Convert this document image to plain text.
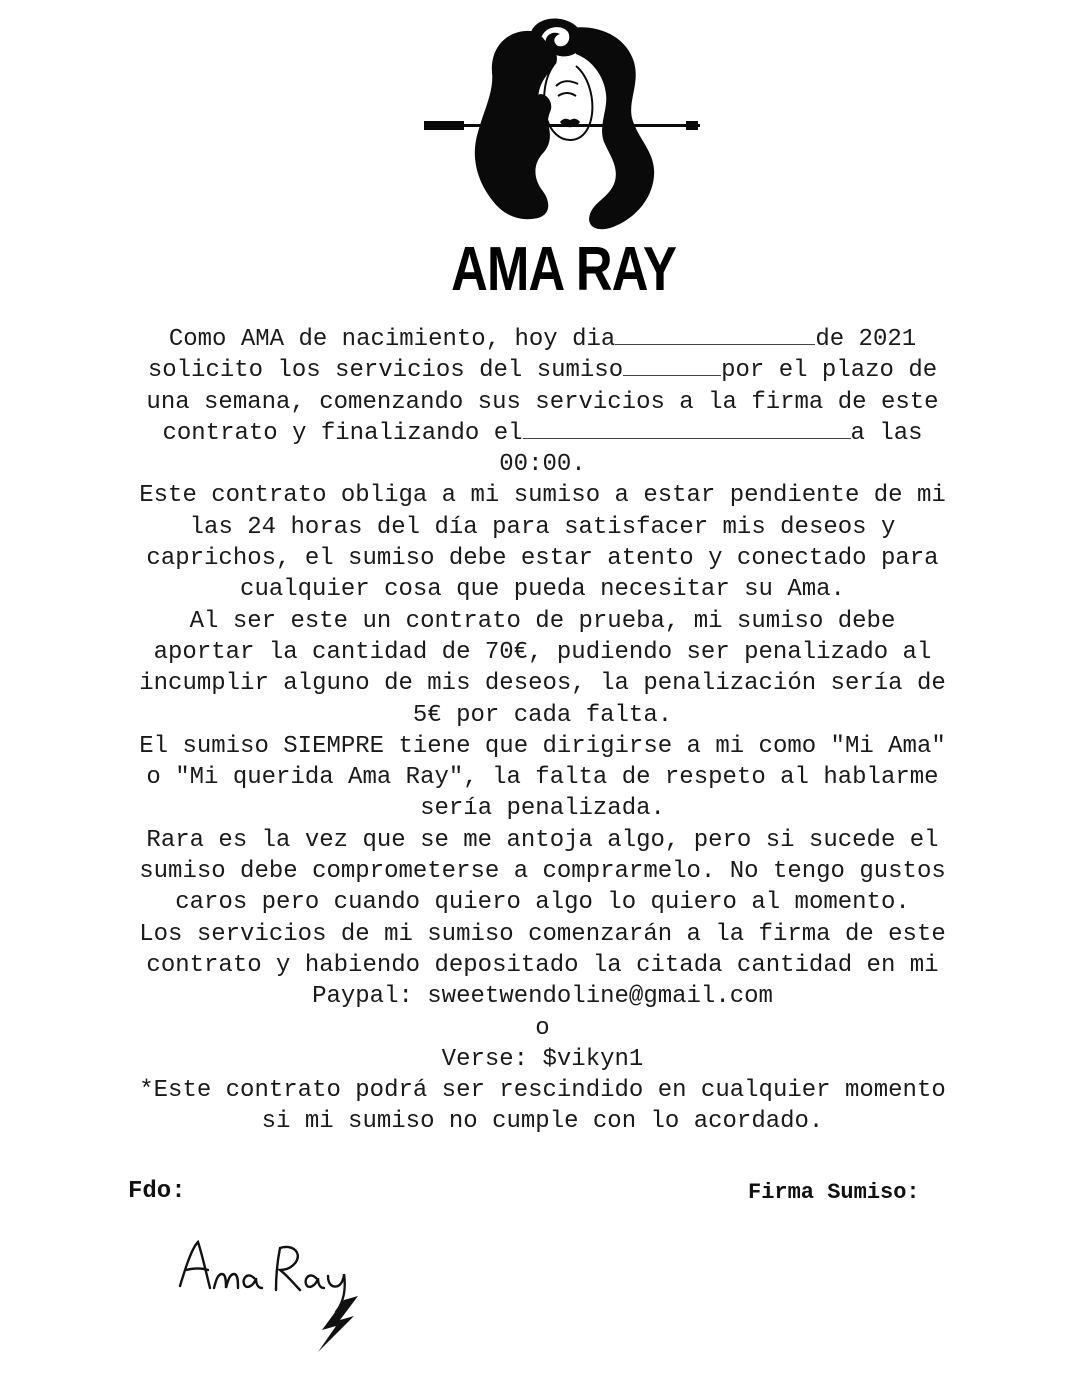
AMA RAY
Como AMA de nacimiento, hoy dia	de 2021
solicito los servicios del sumiso	por el plazo de
una semana, comenzando sus servicios a la firma de este
contrato y finalizando el	a las
00:00.
Este contrato obliga a mi sumiso a estar pendiente de mi
las 24 horas del día para satisfacer mis deseos y
caprichos, el sumiso debe estar atento y conectado para
cualquier cosa que pueda necesitar su Ama.
Al ser este un contrato de prueba, mi sumiso debe
aportar la cantidad de 70€, pudiendo ser penalizado al
incumplir alguno de mis deseos, la penalización sería de
5€ por cada falta.
El sumiso SIEMPRE tiene que dirigirse a mi como "Mi Ama"
o "Mi querida Ama Ray", la falta de respeto al hablarme
sería penalizada.
Rara es la vez que se me antoja algo, pero si sucede el
sumiso debe comprometerse a comprarmelo. No tengo gustos
caros pero cuando quiero algo lo quiero al momento.
Los servicios de mi sumiso comenzarán a la firma de este
contrato y habiendo depositado la citada cantidad en mi
Paypal: sweetwendoline@gmail.com
o
Verse: $vikyn1
*Este contrato podrá ser rescindido en cualquier momento
si mi sumiso no cumple con lo acordado.
Fdo:	Firma Sumiso:
